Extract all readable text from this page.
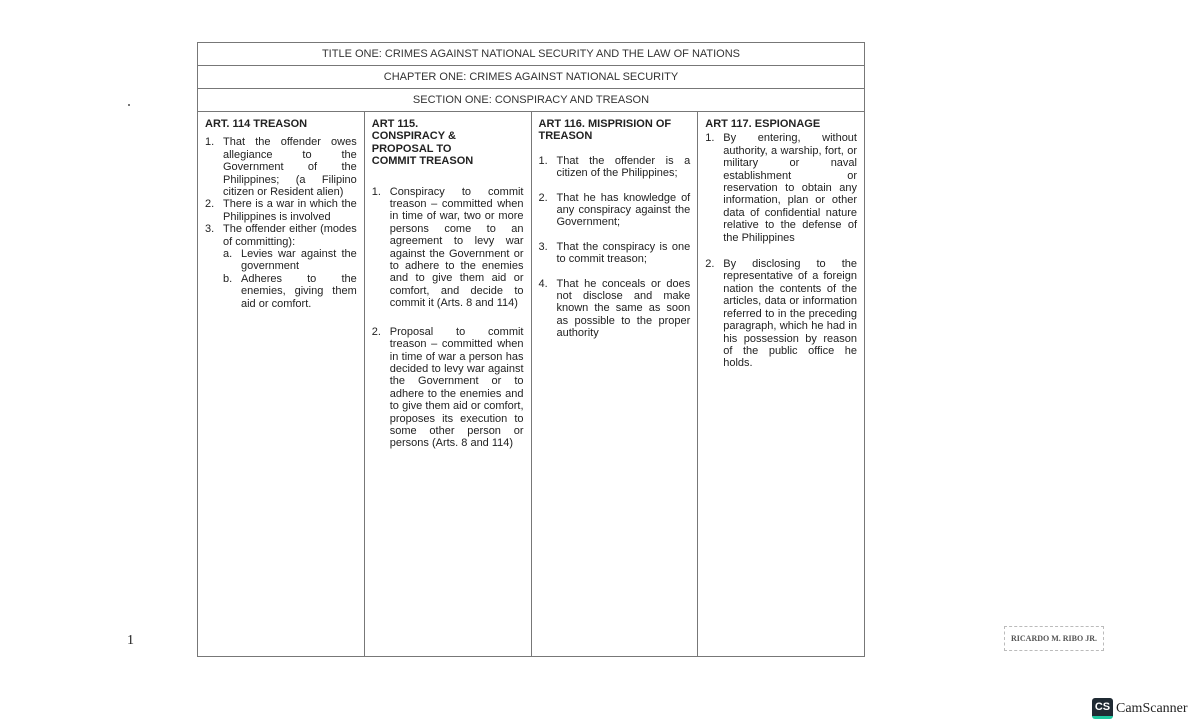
TITLE ONE: CRIMES AGAINST NATIONAL SECURITY AND THE LAW OF NATIONS
CHAPTER ONE: CRIMES AGAINST NATIONAL SECURITY
SECTION ONE: CONSPIRACY AND TREASON
ART. 114 TREASON
1. That the offender owes allegiance to the Government of the Philippines; (a Filipino citizen or Resident alien)
2. There is a war in which the Philippines is involved
3. The offender either (modes of committing):
a. Levies war against the government
b. Adheres to the enemies, giving them aid or comfort.
ART 115. CONSPIRACY & PROPOSAL TO COMMIT TREASON
1. Conspiracy to commit treason – committed when in time of war, two or more persons come to an agreement to levy war against the Government or to adhere to the enemies and to give them aid or comfort, and decide to commit it (Arts. 8 and 114)
2. Proposal to commit treason – committed when in time of war a person has decided to levy war against the Government or to adhere to the enemies and to give them aid or comfort, proposes its execution to some other person or persons (Arts. 8 and 114)
ART 116. MISPRISION OF TREASON
1. That the offender is a citizen of the Philippines;
2. That he has knowledge of any conspiracy against the Government;
3. That the conspiracy is one to commit treason;
4. That he conceals or does not disclose and make known the same as soon as possible to the proper authority
ART 117. ESPIONAGE
1. By entering, without authority, a warship, fort, or military or naval establishment or reservation to obtain any information, plan or other data of confidential nature relative to the defense of the Philippines
2. By disclosing to the representative of a foreign nation the contents of the articles, data or information referred to in the preceding paragraph, which he had in his possession by reason of the public office he holds.
1	RICARDO M. RIBO JR.
CS CamScanner
